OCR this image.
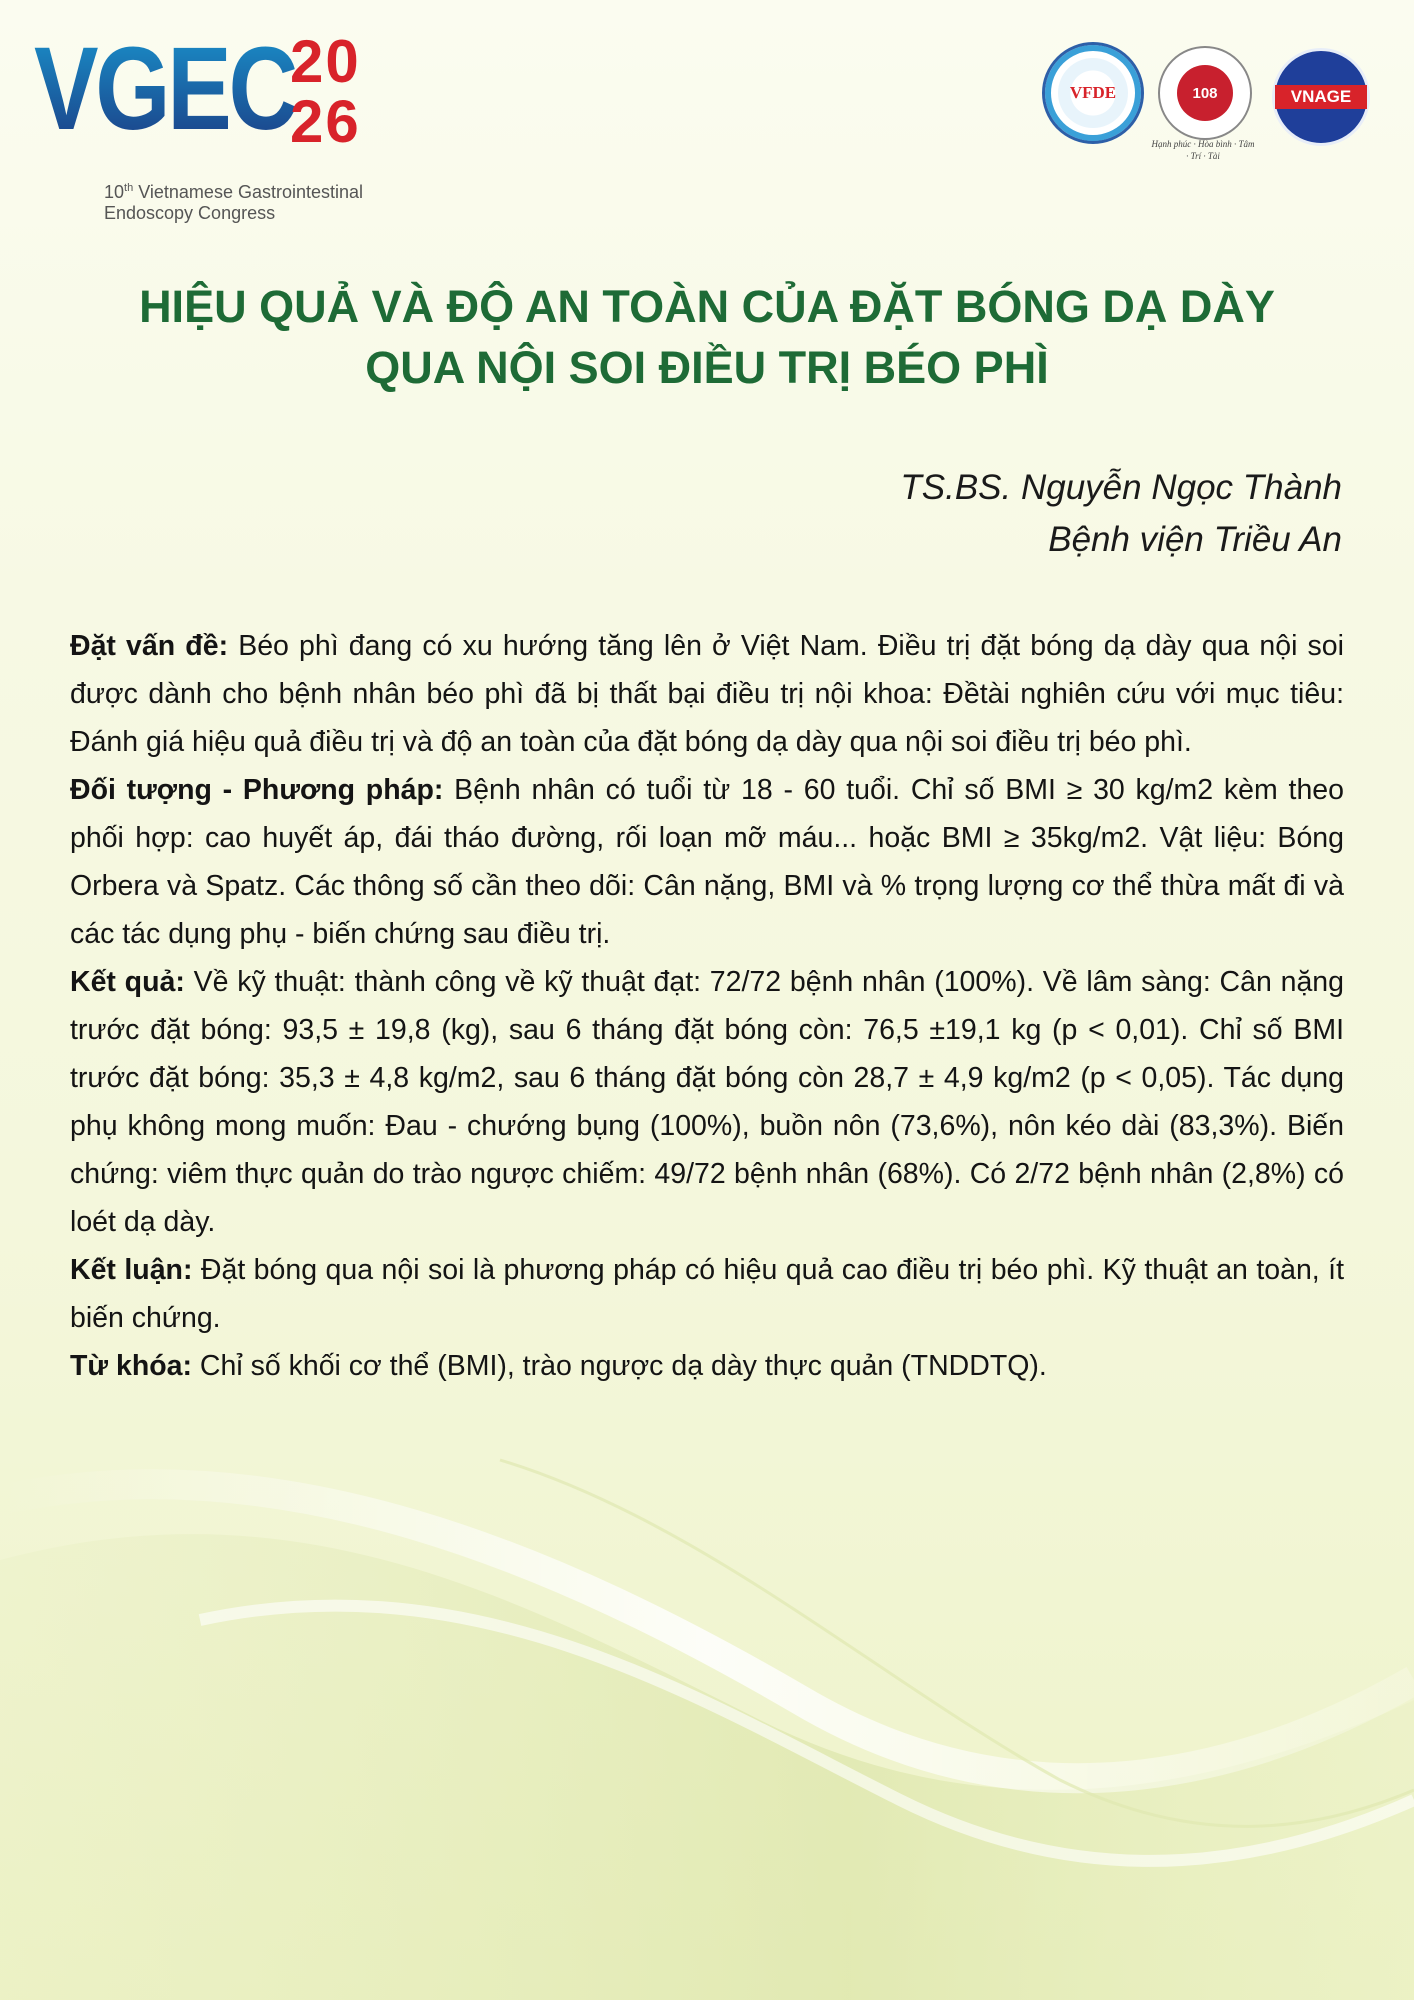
VGEC
20
26
10th Vietnamese Gastrointestinal
Endoscopy Congress
VFDE	108
Hạnh phúc · Hòa bình · Tâm · Trí · Tài
VNAGE
HIỆU QUẢ VÀ ĐỘ AN TOÀN CỦA ĐẶT BÓNG DẠ DÀY
QUA NỘI SOI ĐIỀU TRỊ BÉO PHÌ
TS.BS. Nguyễn Ngọc Thành
Bệnh viện Triều An

Đặt vấn đề: Béo phì đang có xu hướng tăng lên ở Việt Nam. Điều trị đặt bóng dạ dày qua nội soi được dành cho bệnh nhân béo phì đã bị thất bại điều trị nội khoa: Đềtài nghiên cứu với mục tiêu: Đánh giá hiệu quả điều trị và độ an toàn của đặt bóng dạ dày qua nội soi điều trị béo phì.

Đối tượng - Phương pháp: Bệnh nhân có tuổi từ 18 - 60 tuổi. Chỉ số BMI ≥ 30 kg/m2 kèm theo phối hợp: cao huyết áp, đái tháo đường, rối loạn mỡ máu... hoặc BMI ≥ 35kg/m2. Vật liệu: Bóng Orbera và Spatz. Các thông số cần theo dõi: Cân nặng, BMI và % trọng lượng cơ thể thừa mất đi và các tác dụng phụ - biến chứng sau điều trị.

Kết quả: Về kỹ thuật: thành công về kỹ thuật đạt: 72/72 bệnh nhân (100%). Về lâm sàng: Cân nặng trước đặt bóng: 93,5 ± 19,8 (kg), sau 6 tháng đặt bóng còn: 76,5 ±19,1 kg (p < 0,01). Chỉ số BMI trước đặt bóng: 35,3 ± 4,8 kg/m2, sau 6 tháng đặt bóng còn 28,7 ± 4,9 kg/m2 (p < 0,05). Tác dụng phụ không mong muốn: Đau - chướng bụng (100%), buồn nôn (73,6%), nôn kéo dài (83,3%). Biến chứng: viêm thực quản do trào ngược chiếm: 49/72 bệnh nhân (68%). Có 2/72 bệnh nhân (2,8%) có loét dạ dày.

Kết luận: Đặt bóng qua nội soi là phương pháp có hiệu quả cao điều trị béo phì. Kỹ thuật an toàn, ít biến chứng.

Từ khóa: Chỉ số khối cơ thể (BMI), trào ngược dạ dày thực quản (TNDDTQ).
